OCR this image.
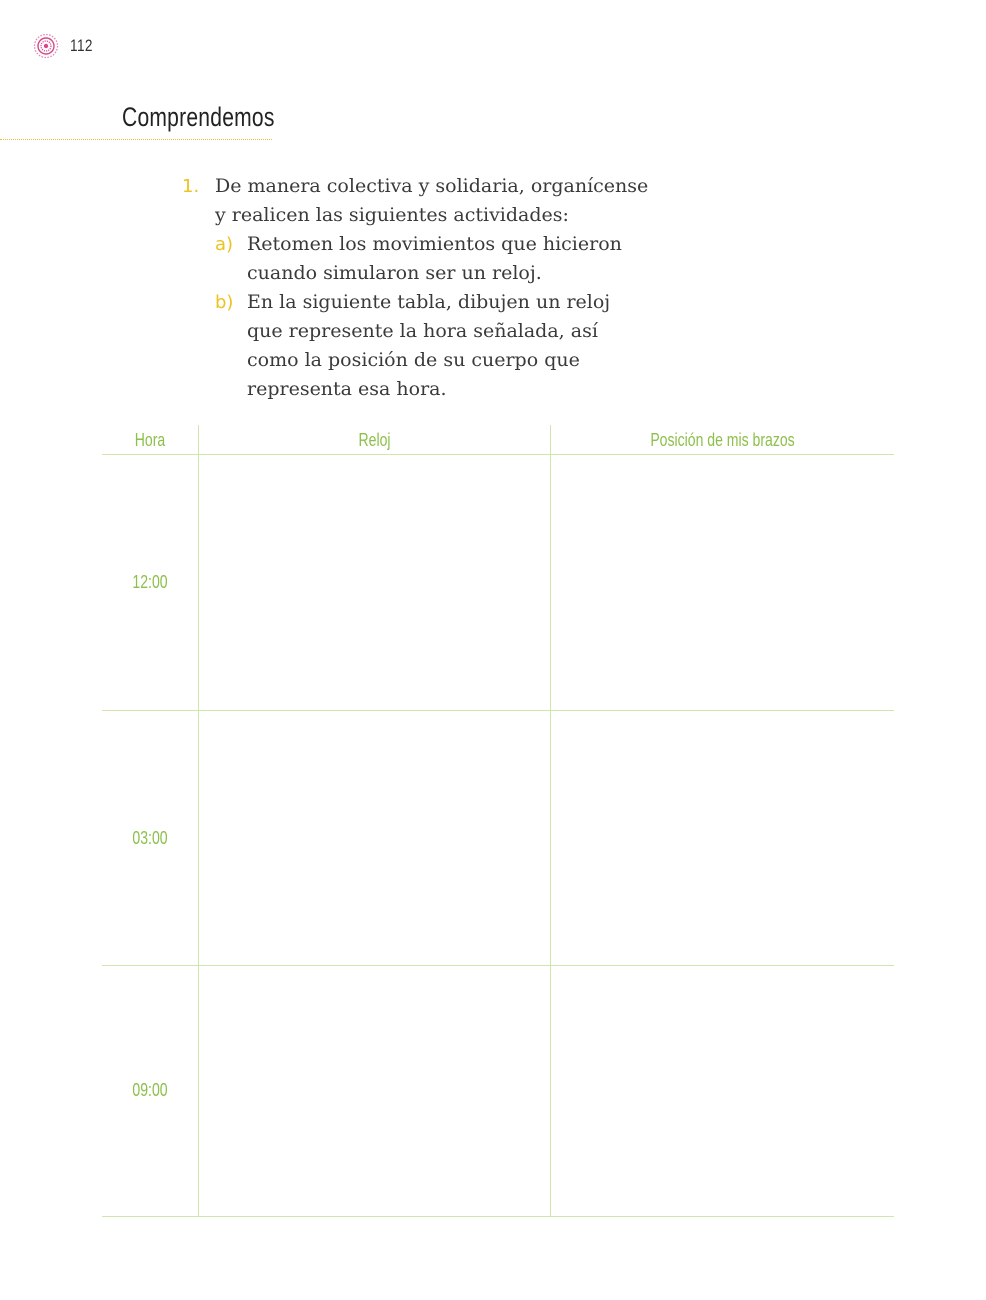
112
Comprendemos
1. De manera colectiva y solidaria, organícense
y realicen las siguientes actividades:
a) Retomen los movimientos que hicieron
cuando simularon ser un reloj.
b) En la siguiente tabla, dibujen un reloj
que represente la hora señalada, así
como la posición de su cuerpo que
representa esa hora.
Hora	Reloj	Posición de mis brazos
12:00
03:00
09:00
